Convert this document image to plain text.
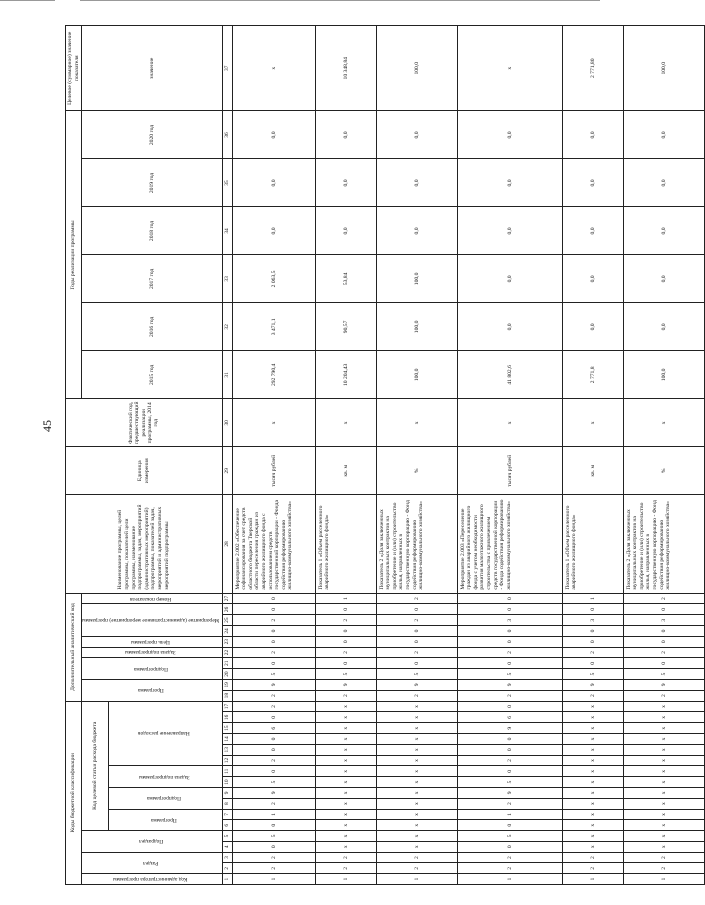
45
Коды бюджетной классификации																	Дополнительный аналитический код										Наименование программы, целей программы, показателей цели программы, наименование подпрограммы, задач, мероприятий (административных мероприятий) подпрограммы, показателей задач, мероприятий и административных мероприятий подпрограммы	Единица измерения	Фактический год, предшествующий реализации программы, 2014 год	Годы реализации программы						Целевое (суммарное) значение показателя
Код администратора программы	Раздел		Подраздел		Код целевой статьи расхода бюджета												Программа		Подпрограмма		Задача подпрограммы	Цель программы	Мероприятие (административное мероприятие) программы			Номер показателя				2015 год	2016 год	2017 год	2018 год	2019 год	2020 год	значение
					Программа		Подпрограмма		Задача подпрограммы		Направление расходов																									
1	2	3	4	5	6	7	8	9	10	11	12	13	14	15	16	17	18	19	20	21	22	23	24	25	26	27	28	29	30	31	32	33	34	35	36	37
1	2	2	0	5	0	1	2	9	5	0	2	0	0	6	0	2	2	9	5	0	2	0	0	2	0	0	Мероприятие 2.002 «Обеспечение софинансирования за счет средств областного бюджета Тверской области переселения граждан из аварийного жилищного фонда с использованием средств государственной корпорации - Фонда содействия реформированию жилищно-коммунального хозяйства»	тысяч рублей	х	292 790,4	3 471,1	2 063,5	0,0	0,0	0,0	х
1	2	2	х	х	х	х	х	х	х	х	х	х	х	х	х	х	2	9	5	0	2	0	0	2	0	1	Показатель 1 «Объем расселенного аварийного жилищного фонда»	кв. м	х	10 204,43	90,57	53,84	0,0	0,0	0,0	10 348,84
1	2	2	х	х	х	х	х	х	х	х	х	х	х	х	х	х	2	9	5	0	2	0	0	2	0	2	Показатель 2 «Доля заключенных муниципальных контрактов на приобретение и (или) строительство жилья, направленных в государственную корпорацию - Фонд содействия реформированию жилищно-коммунального хозяйства»	%	х	100,0	100,0	100,0	0,0	0,0	0,0	100,0
1	2	2	0	5	0	1	2	9	5	0	2	0	0	9	6	0	2	9	5	0	2	0	0	3	0	0	Мероприятие 2.003 «Переселение граждан из аварийного жилищного фонда с учетом необходимости развития малоэтажного жилищного строительства с привлечением средств государственной корпорации - Фонда содействия реформированию жилищно-коммунального хозяйства»	тысяч рублей	х	41 802,6	0,0	0,0	0,0	0,0	0,0	х
1	2	2	х	х	х	х	х	х	х	х	х	х	х	х	х	х	2	9	5	0	2	0	0	3	0	1	Показатель 1 «Объем расселенного аварийного жилищного фонда»	кв. м	х	2 771,8	0,0	0,0	0,0	0,0	0,0	2 771,80
1	2	2	х	х	х	х	х	х	х	х	х	х	х	х	х	х	2	9	5	0	2	0	0	3	0	2	Показатель 2 «Доля заключенных муниципальных контрактов на приобретение и (или) строительство жилья, направленных в государственную корпорацию - Фонд содействия реформированию жилищно-коммунального хозяйства»	%	х	100,0	0,0	0,0	0,0	0,0	0,0	100,0
